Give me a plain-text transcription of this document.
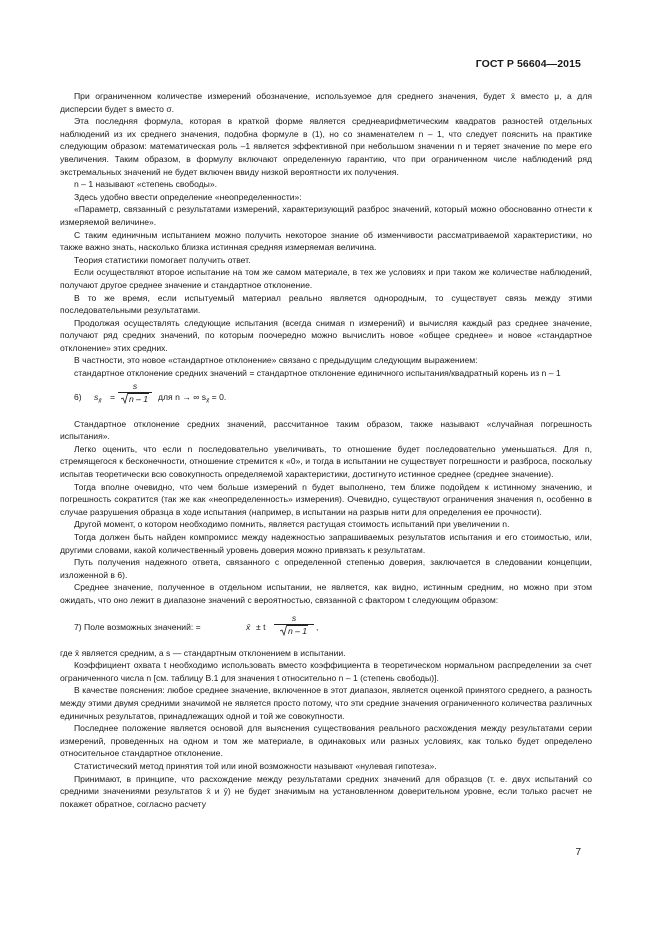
ГОСТ Р 56604—2015

При ограниченном количестве измерений обозначение, используемое для среднего значения, будет x̄ вместо μ, а для дисперсии будет s вместо σ.

Эта последняя формула, которая в краткой форме является среднеарифметическим квадратов разностей отдельных наблюдений из их среднего значения, подобна формуле в (1), но со знаменателем n – 1, что следует пояснить на практике следующим образом: математическая роль –1 является эффективной при небольшом значении n и теряет значение по мере его увеличения. Таким образом, в формулу включают определенную гарантию, что при ограниченном числе наблюдений ряд экстремальных значений не будет включен ввиду низкой вероятности их получения.

n – 1 называют «степень свободы».

Здесь удобно ввести определение «неопределенности»:

«Параметр, связанный с результатами измерений, характеризующий разброс значений, который можно обоснованно отнести к измеряемой величине».

С таким единичным испытанием можно получить некоторое знание об изменчивости рассматриваемой характеристики, но также важно знать, насколько близка истинная средняя измеряемая величина.

Теория статистики помогает получить ответ.

Если осуществляют второе испытание на том же самом материале, в тех же условиях и при таком же количестве наблюдений, получают другое среднее значение и стандартное отклонение.

В то же время, если испытуемый материал реально является однородным, то существует связь между этими последовательными результатами.

Продолжая осуществлять следующие испытания (всегда снимая n измерений) и вычисляя каждый раз среднее значение, получают ряд средних значений, по которым поочередно можно вычислить новое «общее среднее» и новое «стандартное отклонение» этих средних.

В частности, это новое «стандартное отклонение» связано с предыдущим следующим выражением:

стандартное отклонение средних значений = стандартное отклонение единичного испытания/квадратный корень из n – 1

6) $s_{x̄} = \frac{s}{n - 1}$ для n → ∞ $s_{x̄} = 0$.

Стандартное отклонение средних значений, рассчитанное таким образом, также называют «случайная погрешность испытания».

Легко оценить, что если n последовательно увеличивать, то отношение будет последовательно уменьшаться. Для n, стремящегося к бесконечности, отношение стремится к «0», и тогда в испытании не существует погрешности и разброса, поскольку испытав теоретически всю совокупность определяемой характеристики, достигнуто истинное среднее (среднее значение).

Тогда вполне очевидно, что чем больше измерений n будет выполнено, тем ближе подойдем к истинному значению, и погрешность сократится (так же как «неопределенность» измерения). Очевидно, существуют ограничения значения n, особенно в случае разрушения образца в ходе испытания (например, в испытании на разрыв нити для определения ее прочности).

Другой момент, о котором необходимо помнить, является растущая стоимость испытаний при увеличении n.

Тогда должен быть найден компромисс между надежностью запрашиваемых результатов испытания и его стоимостью, или, другими словами, какой количественный уровень доверия можно привязать к результатам.

Путь получения надежного ответа, связанного с определенной степенью доверия, заключается в следовании концепции, изложенной в 6).

Среднее значение, полученное в отдельном испытании, не является, как видно, истинным средним, но можно при этом ожидать, что оно лежит в диапазоне значений с вероятностью, связанной с фактором t следующим образом:

7) Поле возможных значений: =	x̄ ± t $\frac{s}{n - 1}$ ,

где x̄ является средним, а s — стандартным отклонением в испытании.

Коэффициент охвата t необходимо использовать вместо коэффициента в теоретическом нормальном распределении за счет ограниченного числа n [см. таблицу В.1 для значения t относительно n – 1 (степень свободы)].

В качестве пояснения: любое среднее значение, включенное в этот диапазон, является оценкой принятого среднего, а разность между этими двумя средними значимой не является просто потому, что эти средние значения ограниченного количества различных единичных результатов, принадлежащих одной и той же совокупности.

Последнее положение является основой для выяснения существования реального расхождения между результатами серии измерений, проведенных на одном и том же материале, в одинаковых или разных условиях, как только будет определено относительное стандартное отклонение.

Статистический метод принятия той или иной возможности называют «нулевая гипотеза».

Принимают, в принципе, что расхождение между результатами средних значений для образцов (т. е. двух испытаний со средними значениями результатов x̄ и ȳ) не будет значимым на установленном доверительном уровне, если только расчет не покажет обратное, согласно расчету

7
